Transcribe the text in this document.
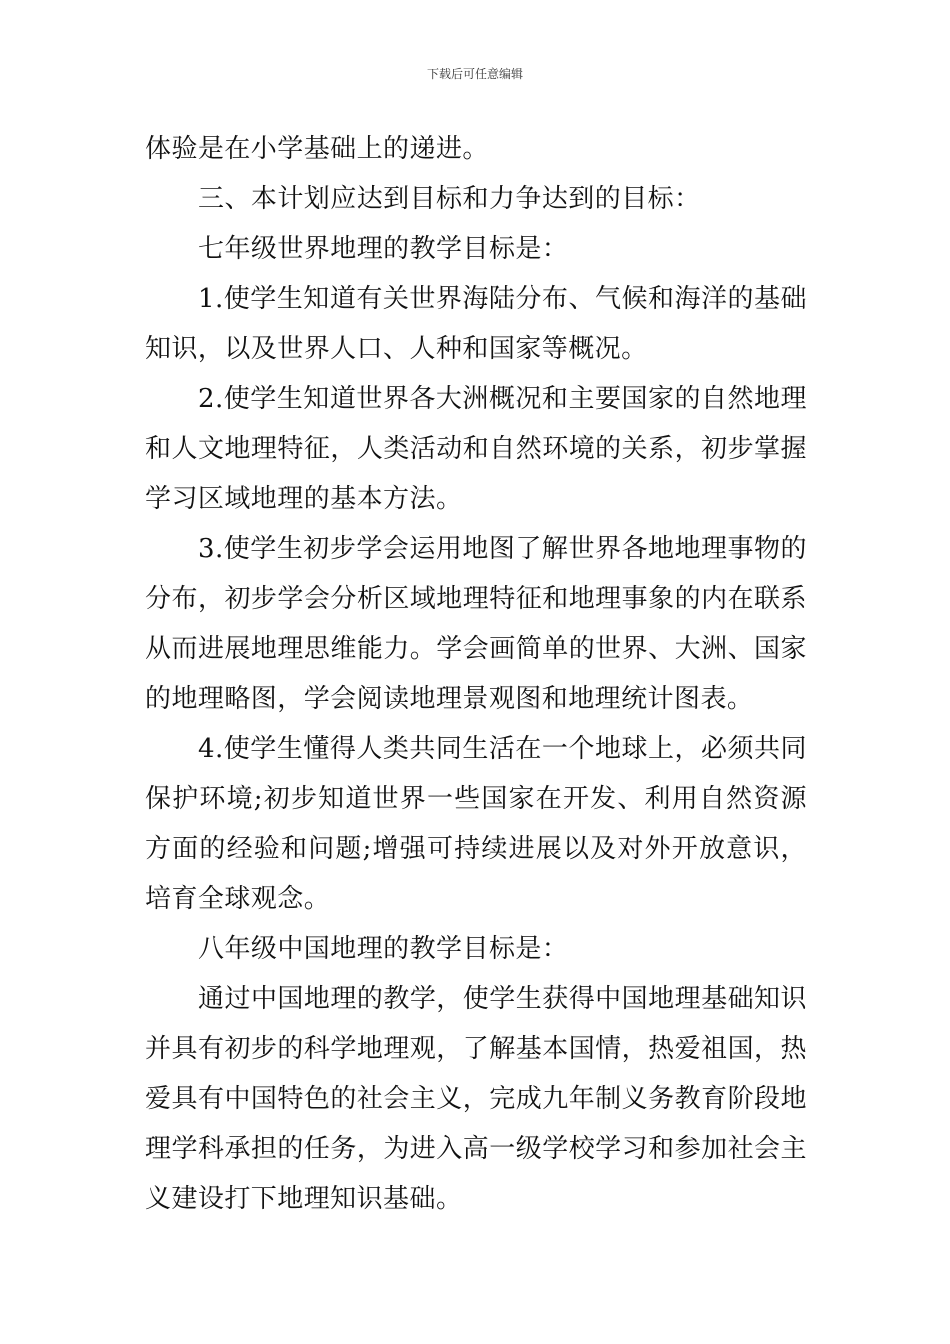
下载后可任意编辑

体验是在小学基础上的递进。

三、本计划应达到目标和力争达到的目标：

七年级世界地理的教学目标是：

1.使学生知道有关世界海陆分布、气候和海洋的基础知识，以及世界人口、人种和国家等概况。

2.使学生知道世界各大洲概况和主要国家的自然地理和人文地理特征，人类活动和自然环境的关系，初步掌握学习区域地理的基本方法。

3.使学生初步学会运用地图了解世界各地地理事物的分布，初步学会分析区域地理特征和地理事象的内在联系从而进展地理思维能力。学会画简单的世界、大洲、国家的地理略图，学会阅读地理景观图和地理统计图表。

4.使学生懂得人类共同生活在一个地球上，必须共同保护环境;初步知道世界一些国家在开发、利用自然资源方面的经验和问题;增强可持续进展以及对外开放意识，培育全球观念。

八年级中国地理的教学目标是：

通过中国地理的教学，使学生获得中国地理基础知识并具有初步的科学地理观，了解基本国情，热爱祖国，热爱具有中国特色的社会主义，完成九年制义务教育阶段地理学科承担的任务，为进入高一级学校学习和参加社会主义建设打下地理知识基础。
